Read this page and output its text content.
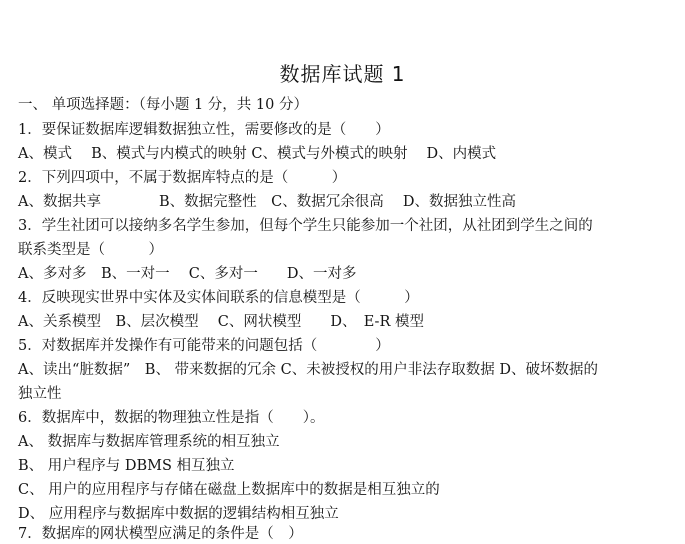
数据库试题 1
一、 单项选择题：（每小题 1 分，共 10 分）
1．要保证数据库逻辑数据独立性，需要修改的是（　　）
A、模式　 B、模式与内模式的映射 C、模式与外模式的映射　 D、内模式
2．下列四项中，不属于数据库特点的是（　　　）
A、数据共享　　　　B、数据完整性　C、数据冗余很高　 D、数据独立性高
3．学生社团可以接纳多名学生参加，但每个学生只能参加一个社团，从社团到学生之间的
联系类型是（　　　）
A、多对多　B、一对一　 C、多对一　　D、一对多
4．反映现实世界中实体及实体间联系的信息模型是（　　　）
A、关系模型　B、层次模型　 C、网状模型　　D、　E-R 模型
5．对数据库并发操作有可能带来的问题包括（　　　　）
A、读出“脏数据”　B、 带来数据的冗余 C、未被授权的用户非法存取数据 D、破坏数据的
独立性
6．数据库中，数据的物理独立性是指（　　）。
A、 数据库与数据库管理系统的相互独立
B、 用户程序与 DBMS 相互独立
C、 用户的应用程序与存储在磁盘上数据库中的数据是相互独立的
D、 应用程序与数据库中数据的逻辑结构相互独立
7．数据库的网状模型应满足的条件是（　）
